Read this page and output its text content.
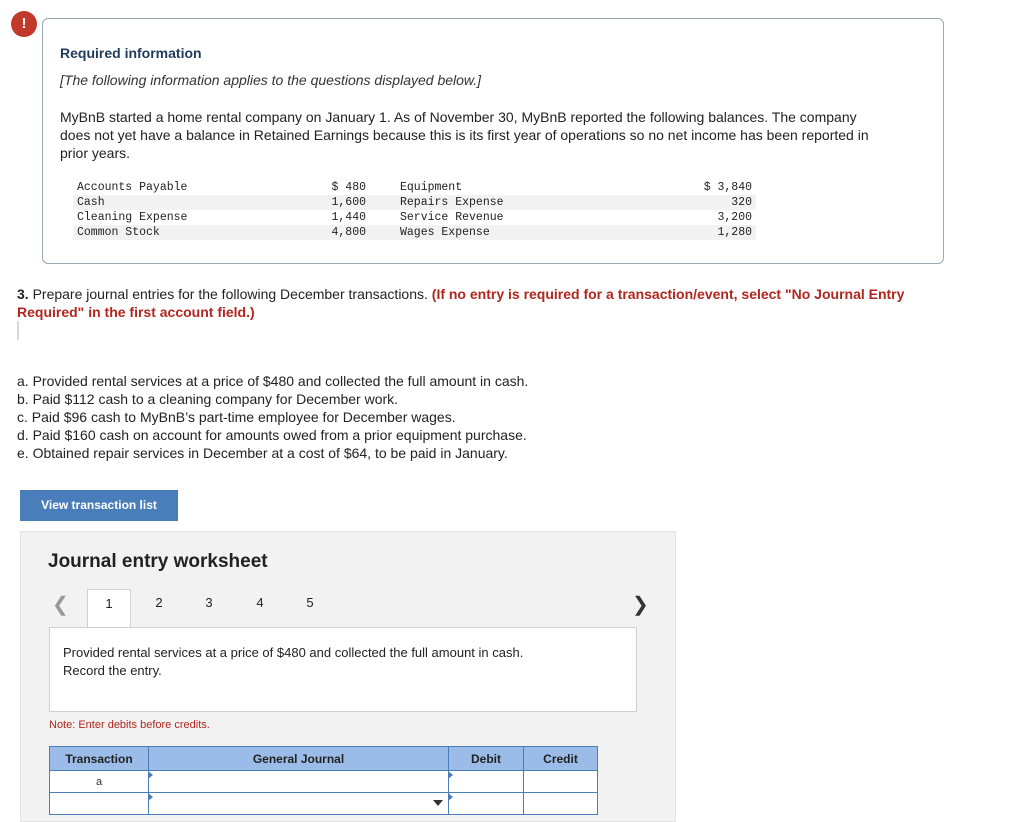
!
Required information
[The following information applies to the questions displayed below.]
MyBnB started a home rental company on January 1. As of November 30, MyBnB reported the following balances. The company does not yet have a balance in Retained Earnings because this is its first year of operations so no net income has been reported in prior years.
Accounts Payable	$ 480		Equipment	$ 3,840
Cash	1,600		Repairs Expense	320
Cleaning Expense	1,440		Service Revenue	3,200
Common Stock	4,800		Wages Expense	1,280
3. Prepare journal entries for the following December transactions. (If no entry is required for a transaction/event, select "No Journal Entry Required" in the first account field.)
a. Provided rental services at a price of $480 and collected the full amount in cash.
b. Paid $112 cash to a cleaning company for December work.
c. Paid $96 cash to MyBnB’s part-time employee for December wages.
d. Paid $160 cash on account for amounts owed from a prior equipment purchase.
e. Obtained repair services in December at a cost of $64, to be paid in January.
View transaction list
Journal entry worksheet
❮	1	2	3	4	5	❯
Provided rental services at a price of $480 and collected the full amount in cash. Record the entry.
Note: Enter debits before credits.
Transaction	General Journal	Debit	Credit
a	
